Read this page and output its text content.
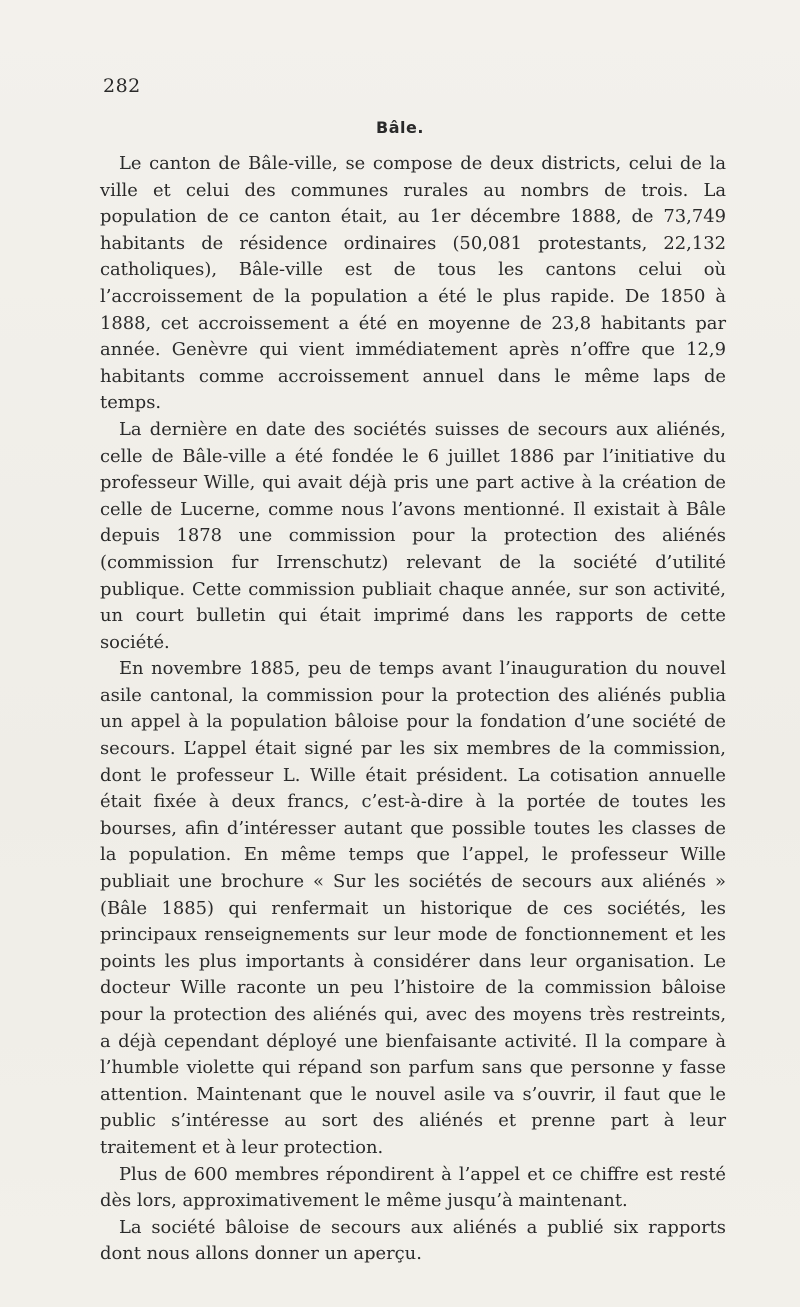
282
Bâle.

Le canton de Bâle-ville, se compose de deux districts, celui de la ville et celui des communes rurales au nombrs de trois. La population de ce canton était, au 1er décembre 1888, de 73,749 habitants de résidence ordinaires (50,081 protestants, 22,132 catholiques), Bâle-ville est de tous les cantons celui où l’accroissement de la population a été le plus rapide. De 1850 à 1888, cet accroissement a été en moyenne de 23,8 habitants par année. Genèvre qui vient immédiatement après n’offre que 12,9 habitants comme accroissement annuel dans le même laps de temps.

La dernière en date des sociétés suisses de secours aux aliénés, celle de Bâle-ville a été fondée le 6 juillet 1886 par l’initiative du professeur Wille, qui avait déjà pris une part active à la création de celle de Lucerne, comme nous l’avons mentionné. Il existait à Bâle depuis 1878 une commission pour la protection des aliénés (commission fur Irrenschutz) relevant de la société d’utilité publique. Cette commission publiait chaque année, sur son activité, un court bulletin qui était imprimé dans les rapports de cette société.

En novembre 1885, peu de temps avant l’inauguration du nouvel asile cantonal, la commission pour la protection des aliénés publia un appel à la population bâloise pour la fondation d’une société de secours. L’appel était signé par les six membres de la commission, dont le professeur L. Wille était président. La cotisation annuelle était fixée à deux francs, c’est-à-dire à la portée de toutes les bourses, afin d’intéresser autant que possible toutes les classes de la population. En même temps que l’appel, le professeur Wille publiait une brochure « Sur les sociétés de secours aux aliénés » (Bâle 1885) qui renfermait un historique de ces sociétés, les principaux renseignements sur leur mode de fonctionnement et les points les plus importants à considérer dans leur organisation. Le docteur Wille raconte un peu l’histoire de la commission bâloise pour la protection des aliénés qui, avec des moyens très restreints, a déjà cependant déployé une bienfaisante activité. Il la compare à l’humble violette qui répand son parfum sans que personne y fasse attention. Maintenant que le nouvel asile va s’ouvrir, il faut que le public s’intéresse au sort des aliénés et prenne part à leur traitement et à leur protection.

Plus de 600 membres répondirent à l’appel et ce chiffre est resté dès lors, approximativement le même jusqu’à maintenant.

La société bâloise de secours aux aliénés a publié six rapports dont nous allons donner un aperçu.
